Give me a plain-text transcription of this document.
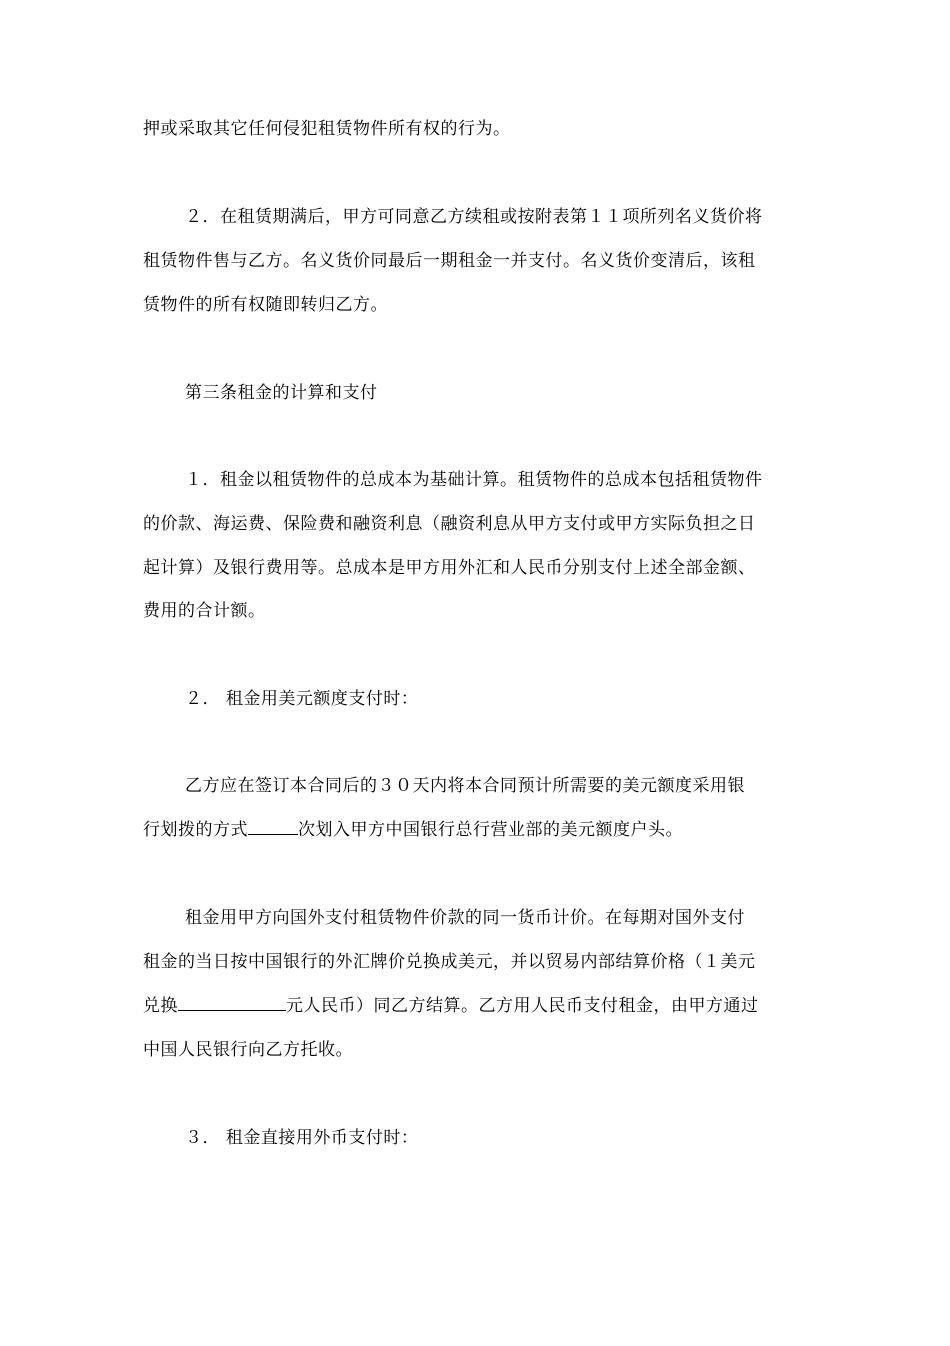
押或采取其它任何侵犯租赁物件所有权的行为。
２．在租赁期满后，甲方可同意乙方续租或按附表第１１项所列名义货价将
租赁物件售与乙方。名义货价同最后一期租金一并支付。名义货价变清后，该租
赁物件的所有权随即转归乙方。
第三条租金的计算和支付
１．租金以租赁物件的总成本为基础计算。租赁物件的总成本包括租赁物件
的价款、海运费、保险费和融资利息（融资利息从甲方支付或甲方实际负担之日
起计算）及银行费用等。总成本是甲方用外汇和人民币分别支付上述全部金额、
费用的合计额。
２． 租金用美元额度支付时：
乙方应在签订本合同后的３０天内将本合同预计所需要的美元额度采用银
行划拨的方式	次划入甲方中国银行总行营业部的美元额度户头。
租金用甲方向国外支付租赁物件价款的同一货币计价。在每期对国外支付
租金的当日按中国银行的外汇牌价兑换成美元，并以贸易内部结算价格（１美元
兑换	元人民币）同乙方结算。乙方用人民币支付租金，由甲方通过
中国人民银行向乙方托收。
３． 租金直接用外币支付时：
